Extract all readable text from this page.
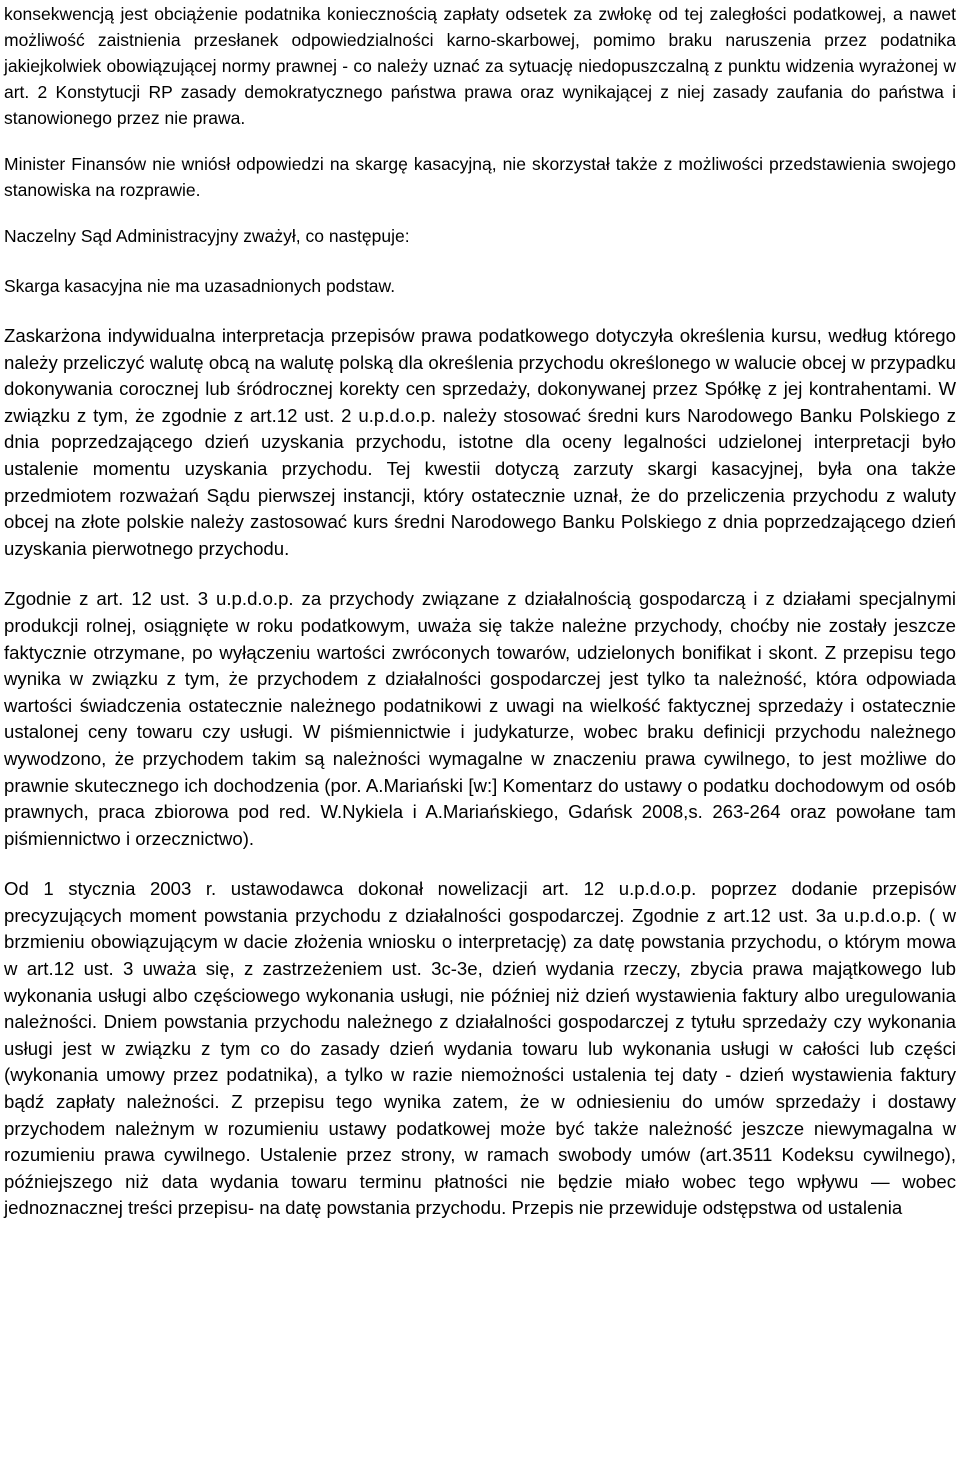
konsekwencją jest obciążenie podatnika koniecznością zapłaty odsetek za zwłokę od tej zaległości podatkowej, a nawet możliwość zaistnienia przesłanek odpowiedzialności karno-skarbowej, pomimo braku naruszenia przez podatnika jakiejkolwiek obowiązującej normy prawnej - co należy uznać za sytuację niedopuszczalną z punktu widzenia wyrażonej w art. 2 Konstytucji RP zasady demokratycznego państwa prawa oraz wynikającej z niej zasady zaufania do państwa i stanowionego przez nie prawa.

Minister Finansów nie wniósł odpowiedzi na skargę kasacyjną, nie skorzystał także z możliwości przedstawienia swojego stanowiska na rozprawie.

Naczelny Sąd Administracyjny zważył, co następuje:

Skarga kasacyjna nie ma uzasadnionych podstaw.

Zaskarżona indywidualna interpretacja przepisów prawa podatkowego dotyczyła określenia kursu, według którego należy przeliczyć walutę obcą na walutę polską dla określenia przychodu określonego w walucie obcej w przypadku dokonywania corocznej lub śródrocznej korekty cen sprzedaży, dokonywanej przez Spółkę z jej kontrahentami. W związku z tym, że zgodnie z art.12 ust. 2 u.p.d.o.p. należy stosować średni kurs Narodowego Banku Polskiego z dnia poprzedzającego dzień uzyskania przychodu, istotne dla oceny legalności udzielonej interpretacji było ustalenie momentu uzyskania przychodu. Tej kwestii dotyczą zarzuty skargi kasacyjnej, była ona także przedmiotem rozważań Sądu pierwszej instancji, który ostatecznie uznał, że do przeliczenia przychodu z waluty obcej na złote polskie należy zastosować kurs średni Narodowego Banku Polskiego z dnia poprzedzającego dzień uzyskania pierwotnego przychodu.

Zgodnie z art. 12 ust. 3 u.p.d.o.p. za przychody związane z działalnością gospodarczą i z działami specjalnymi produkcji rolnej, osiągnięte w roku podatkowym, uważa się także należne przychody, choćby nie zostały jeszcze faktycznie otrzymane, po wyłączeniu wartości zwróconych towarów, udzielonych bonifikat i skont. Z przepisu tego wynika w związku z tym, że przychodem z działalności gospodarczej jest tylko ta należność, która odpowiada wartości świadczenia ostatecznie należnego podatnikowi z uwagi na wielkość faktycznej sprzedaży i ostatecznie ustalonej ceny towaru czy usługi. W piśmiennictwie i judykaturze, wobec braku definicji przychodu należnego wywodzono, że przychodem takim są należności wymagalne w znaczeniu prawa cywilnego, to jest możliwe do prawnie skutecznego ich dochodzenia (por. A.Mariański [w:] Komentarz do ustawy o podatku dochodowym od osób prawnych, praca zbiorowa pod red. W.Nykiela i A.Mariańskiego, Gdańsk 2008,s. 263-264 oraz powołane tam piśmiennictwo i orzecznictwo).

Od 1 stycznia 2003 r. ustawodawca dokonał nowelizacji art. 12 u.p.d.o.p. poprzez dodanie przepisów precyzujących moment powstania przychodu z działalności gospodarczej. Zgodnie z art.12 ust. 3a u.p.d.o.p. ( w brzmieniu obowiązującym w dacie złożenia wniosku o interpretację) za datę powstania przychodu, o którym mowa w art.12 ust. 3 uważa się, z zastrzeżeniem ust. 3c-3e, dzień wydania rzeczy, zbycia prawa majątkowego lub wykonania usługi albo częściowego wykonania usługi, nie później niż dzień wystawienia faktury albo uregulowania należności. Dniem powstania przychodu należnego z działalności gospodarczej z tytułu sprzedaży czy wykonania usługi jest w związku z tym co do zasady dzień wydania towaru lub wykonania usługi w całości lub części (wykonania umowy przez podatnika), a tylko w razie niemożności ustalenia tej daty - dzień wystawienia faktury bądź zapłaty należności. Z przepisu tego wynika zatem, że w odniesieniu do umów sprzedaży i dostawy przychodem należnym w rozumieniu ustawy podatkowej może być także należność jeszcze niewymagalna w rozumieniu prawa cywilnego. Ustalenie przez strony, w ramach swobody umów (art.3511 Kodeksu cywilnego), późniejszego niż data wydania towaru terminu płatności nie będzie miało wobec tego wpływu — wobec jednoznacznej treści przepisu- na datę powstania przychodu. Przepis nie przewiduje odstępstwa od ustalenia
